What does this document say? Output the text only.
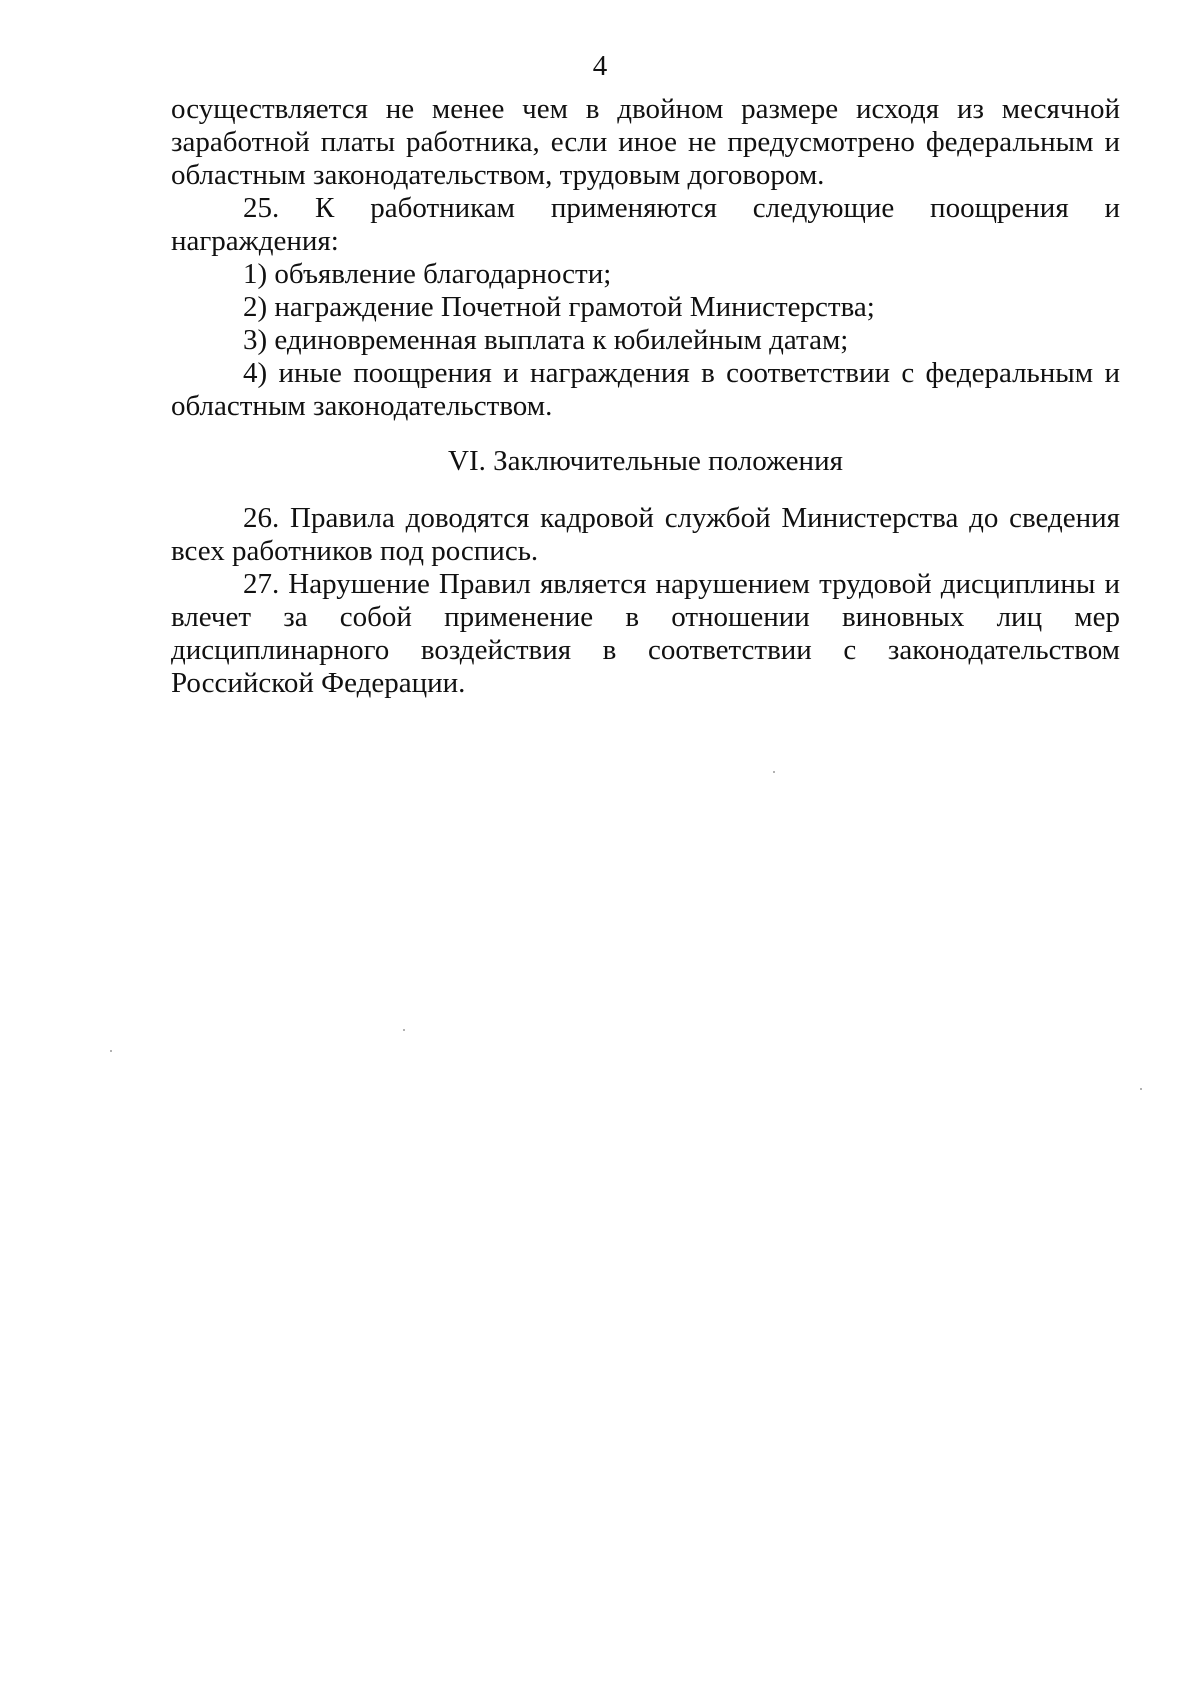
4

осуществляется не менее чем в двойном размере исходя из месячной заработной платы работника, если иное не предусмотрено федеральным и областным законодательством, трудовым договором.

25. К работникам применяются следующие поощрения и награждения:

1) объявление благодарности;

2) награждение Почетной грамотой Министерства;

3) единовременная выплата к юбилейным датам;

4) иные поощрения и награждения в соответствии с федеральным и областным законодательством.

VI. Заключительные положения

26. Правила доводятся кадровой службой Министерства до сведения всех работников под роспись.

27. Нарушение Правил является нарушением трудовой дисциплины и влечет за собой применение в отношении виновных лиц мер дисциплинарного воздействия в соответствии с законодательством Российской Федерации.
